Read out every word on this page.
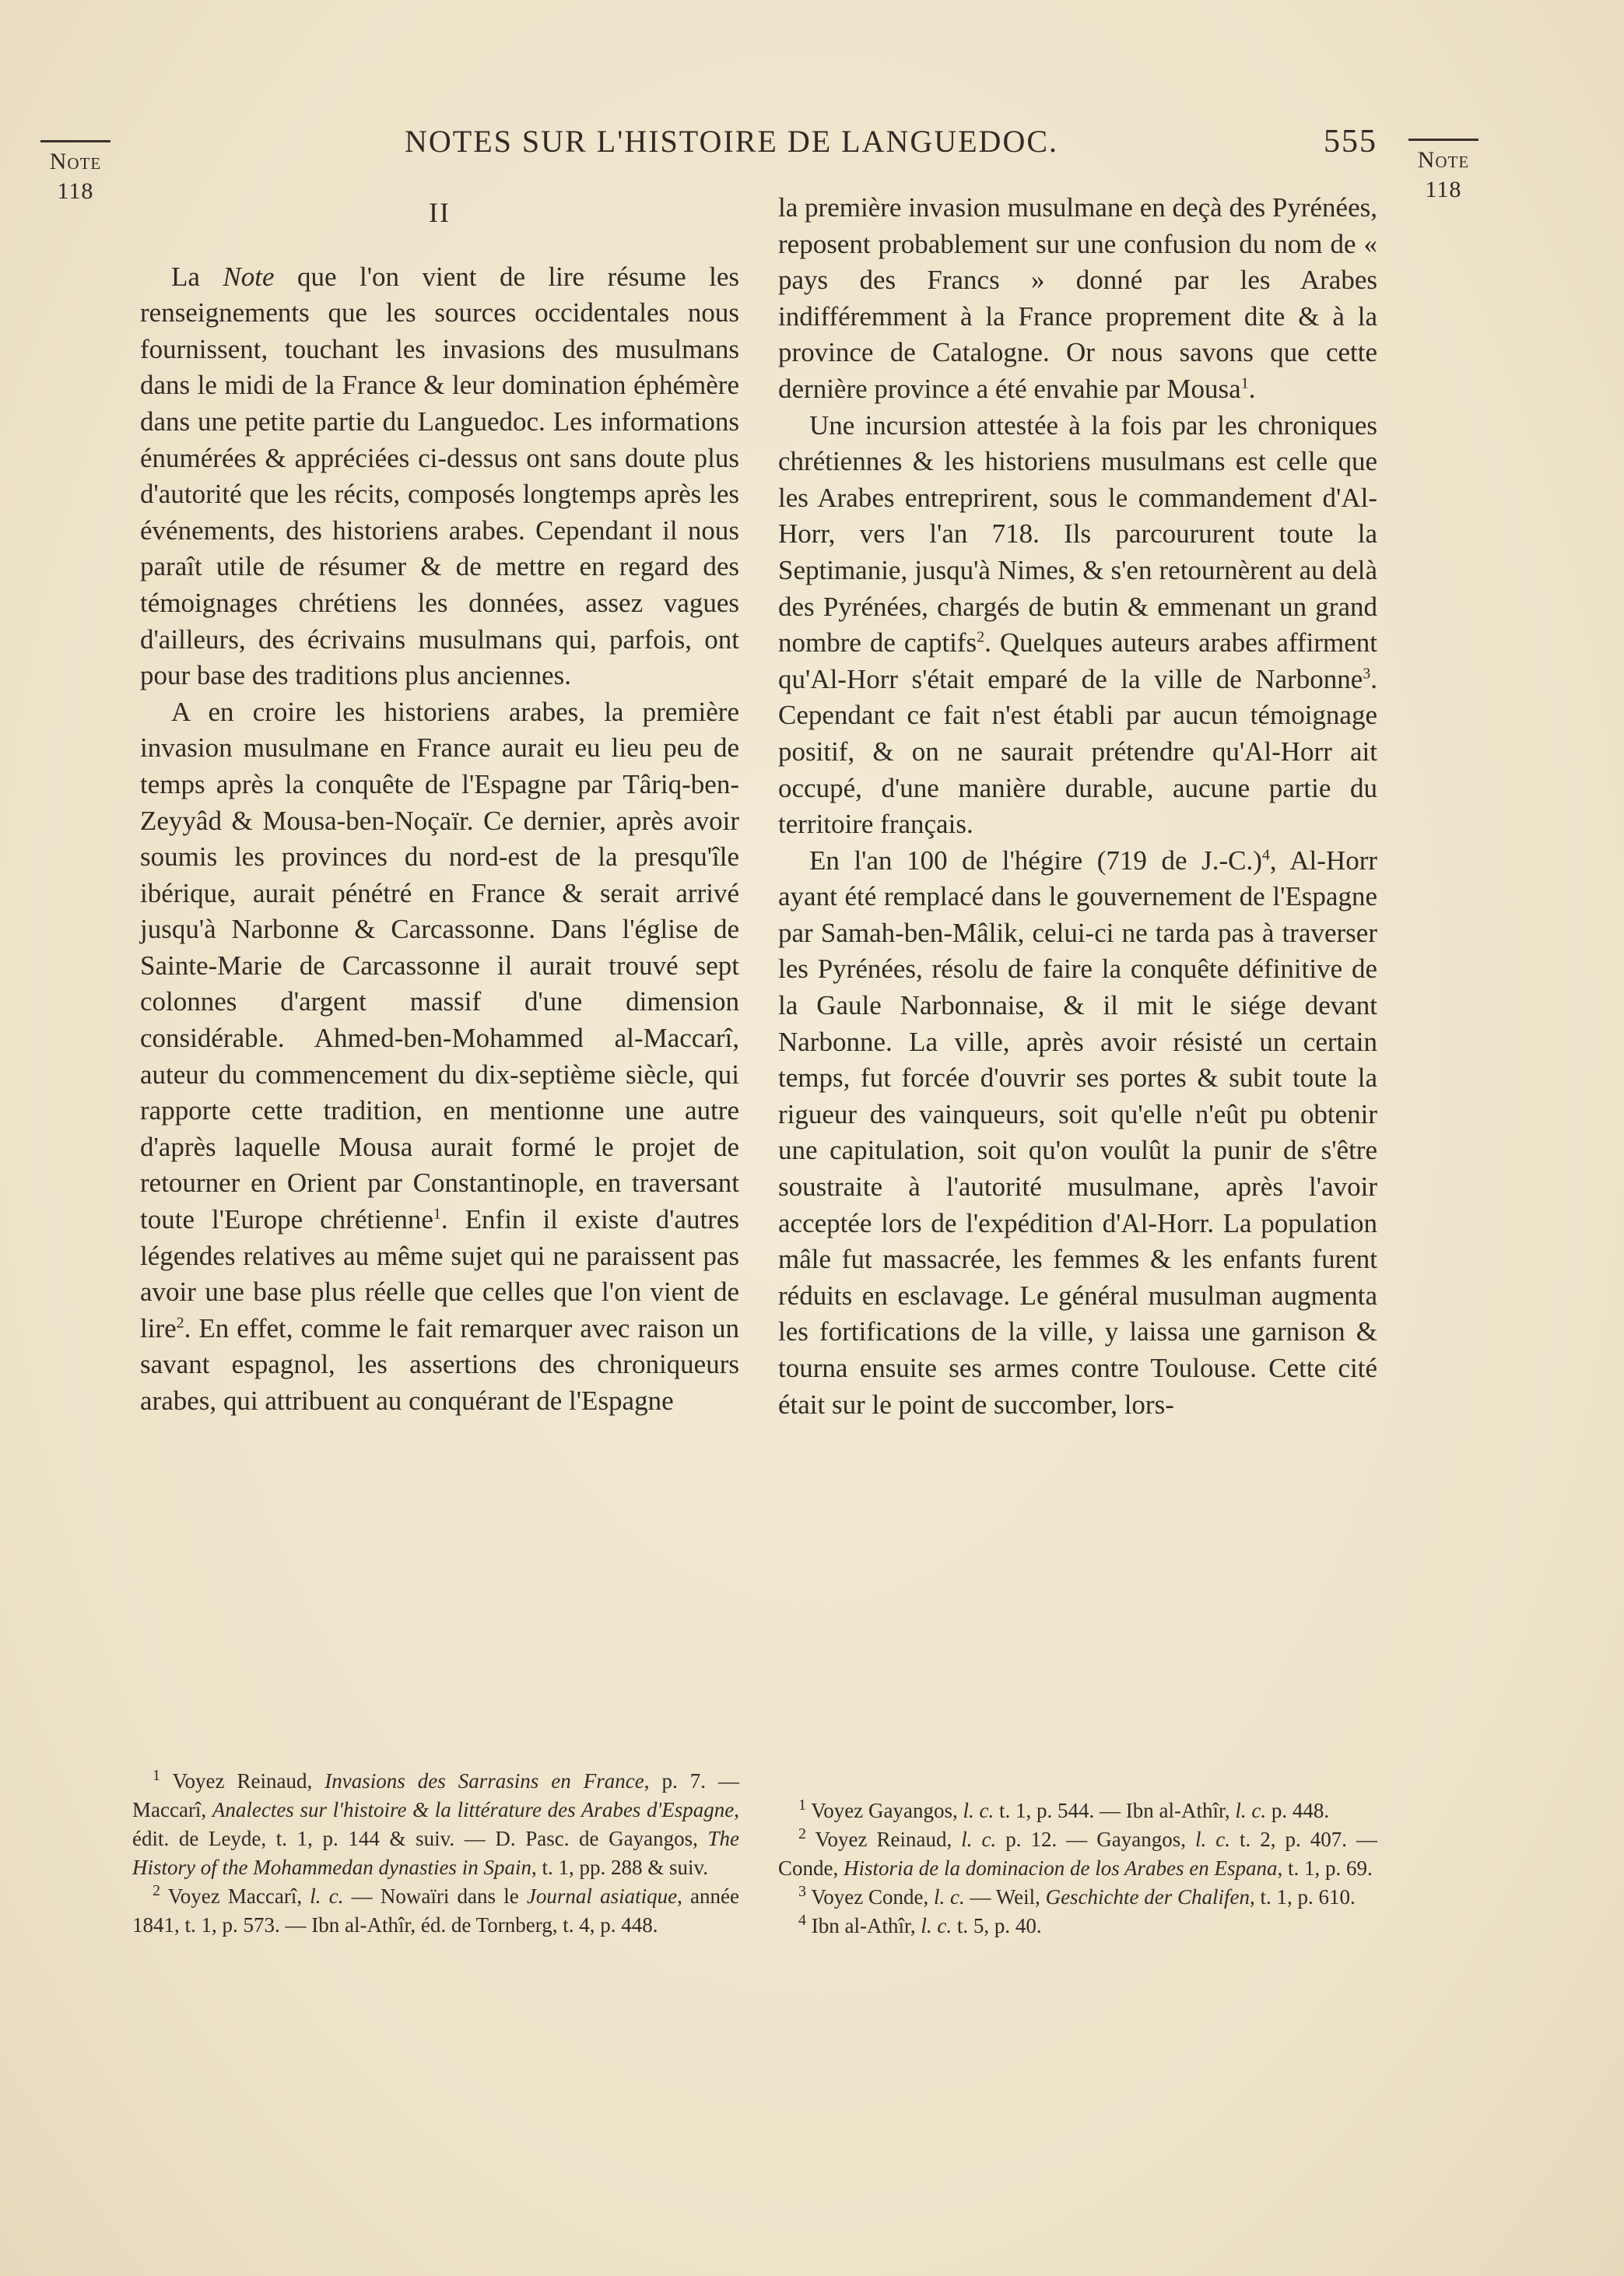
Note
118
Note
118
NOTES SUR L'HISTOIRE DE LANGUEDOC.	555
II

La Note que l'on vient de lire résume les renseignements que les sources occidentales nous fournissent, touchant les invasions des musulmans dans le midi de la France & leur domination éphémère dans une petite partie du Languedoc. Les informations énumérées & appréciées ci-dessus ont sans doute plus d'autorité que les récits, composés longtemps après les événements, des historiens arabes. Cependant il nous paraît utile de résumer & de mettre en regard des témoignages chrétiens les données, assez vagues d'ailleurs, des écrivains musulmans qui, parfois, ont pour base des traditions plus anciennes.

A en croire les historiens arabes, la première invasion musulmane en France aurait eu lieu peu de temps après la conquête de l'Espagne par Târiq-ben-Zeyyâd & Mousa-ben-Noçaïr. Ce dernier, après avoir soumis les provinces du nord-est de la presqu'île ibérique, aurait pénétré en France & serait arrivé jusqu'à Narbonne & Carcassonne. Dans l'église de Sainte-Marie de Carcassonne il aurait trouvé sept colonnes d'argent massif d'une dimension considérable. Ahmed-ben-Mohammed al-Maccarî, auteur du commencement du dix-septième siècle, qui rapporte cette tradition, en mentionne une autre d'après laquelle Mousa aurait formé le projet de retourner en Orient par Constantinople, en traversant toute l'Europe chrétienne$^1$. Enfin il existe d'autres légendes relatives au même sujet qui ne paraissent pas avoir une base plus réelle que celles que l'on vient de lire$^2$. En effet, comme le fait remarquer avec raison un savant espagnol, les assertions des chroniqueurs arabes, qui attribuent au conquérant de l'Espagne

la première invasion musulmane en deçà des Pyrénées, reposent probablement sur une confusion du nom de « pays des Francs » donné par les Arabes indifféremment à la France proprement dite & à la province de Catalogne. Or nous savons que cette dernière province a été envahie par Mousa$^1$.

Une incursion attestée à la fois par les chroniques chrétiennes & les historiens musulmans est celle que les Arabes entreprirent, sous le commandement d'Al-Horr, vers l'an 718. Ils parcoururent toute la Septimanie, jusqu'à Nimes, & s'en retournèrent au delà des Pyrénées, chargés de butin & emmenant un grand nombre de captifs$^2$. Quelques auteurs arabes affirment qu'Al-Horr s'était emparé de la ville de Narbonne$^3$. Cependant ce fait n'est établi par aucun témoignage positif, & on ne saurait prétendre qu'Al-Horr ait occupé, d'une manière durable, aucune partie du territoire français.

En l'an 100 de l'hégire (719 de J.-C.)$^4$, Al-Horr ayant été remplacé dans le gouvernement de l'Espagne par Samah-ben-Mâlik, celui-ci ne tarda pas à traverser les Pyrénées, résolu de faire la conquête définitive de la Gaule Narbonnaise, & il mit le siége devant Narbonne. La ville, après avoir résisté un certain temps, fut forcée d'ouvrir ses portes & subit toute la rigueur des vainqueurs, soit qu'elle n'eût pu obtenir une capitulation, soit qu'on voulût la punir de s'être soustraite à l'autorité musulmane, après l'avoir acceptée lors de l'expédition d'Al-Horr. La population mâle fut massacrée, les femmes & les enfants furent réduits en esclavage. Le général musulman augmenta les fortifications de la ville, y laissa une garnison & tourna ensuite ses armes contre Toulouse. Cette cité était sur le point de succomber, lors-

$^1$ Voyez Reinaud, Invasions des Sarrasins en France, p. 7. — Maccarî, Analectes sur l'histoire & la littérature des Arabes d'Espagne, édit. de Leyde, t. 1, p. 144 & suiv. — D. Pasc. de Gayangos, The History of the Mohammedan dynasties in Spain, t. 1, pp. 288 & suiv.

$^2$ Voyez Maccarî, l. c. — Nowaïri dans le Journal asiatique, année 1841, t. 1, p. 573. — Ibn al-Athîr, éd. de Tornberg, t. 4, p. 448.

$^1$ Voyez Gayangos, l. c. t. 1, p. 544. — Ibn al-Athîr, l. c. p. 448.

$^2$ Voyez Reinaud, l. c. p. 12. — Gayangos, l. c. t. 2, p. 407. — Conde, Historia de la dominacion de los Arabes en Espana, t. 1, p. 69.

$^3$ Voyez Conde, l. c. — Weil, Geschichte der Chalifen, t. 1, p. 610.

$^4$ Ibn al-Athîr, l. c. t. 5, p. 40.
